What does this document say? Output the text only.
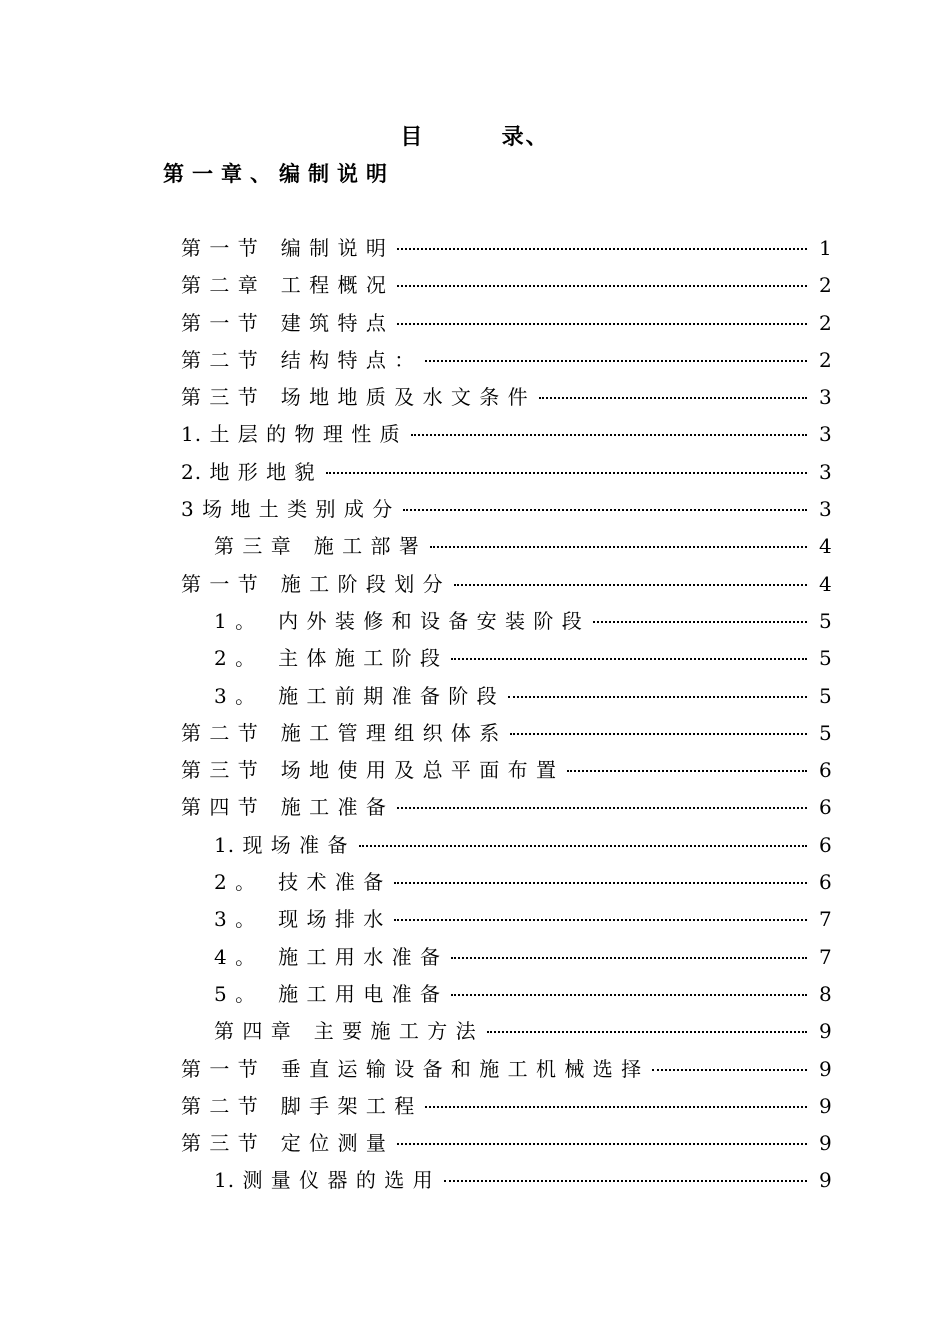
目        录、
第一章、编制说明
第 一 节   编 制 说 明	1
第 二 章   工 程 概 况	2
第 一 节   建 筑 特 点	2
第 二 节   结 构 特 点 ：	2
第 三 节   场 地 地 质 及 水 文 条 件	3
1. 土 层 的 物 理 性 质	3
2. 地 形 地 貌	3
3 场 地 土 类 别 成 分	3
第 三 章   施 工 部 署	4
第 一 节   施 工 阶 段 划 分	4
1 。   内 外 装 修 和 设 备 安 装 阶 段	5
2 。   主 体 施 工 阶 段	5
3 。   施 工 前 期 准 备 阶 段	5
第 二 节   施 工 管 理 组 织 体 系	5
第 三 节   场 地 使 用 及 总 平 面 布 置	6
第 四 节   施 工 准 备	6
1. 现 场 准 备	6
2 。   技 术 准 备	6
3 。   现 场 排 水	7
4 。   施 工 用 水 准 备	7
5 。   施 工 用 电 准 备	8
第 四 章   主 要 施 工 方 法	9
第 一 节   垂 直 运 输 设 备 和 施 工 机 械 选 择	9
第 二 节   脚 手 架 工 程	9
第 三 节   定 位 测 量	9
1. 测 量 仪 器 的 选 用	9
